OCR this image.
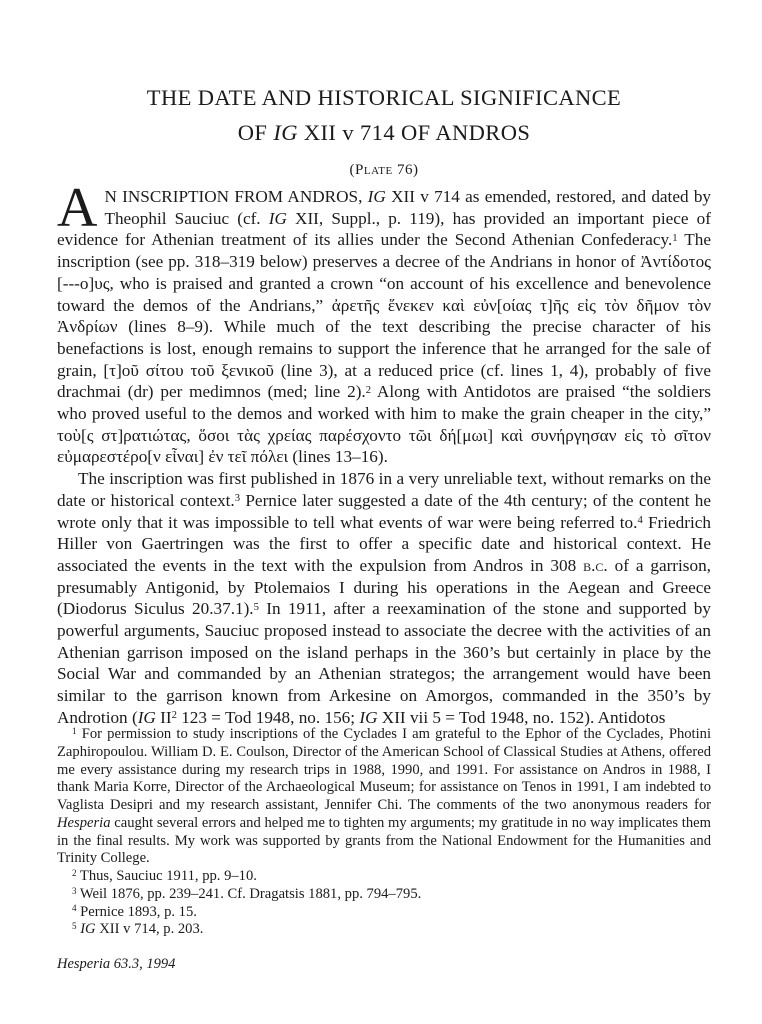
THE DATE AND HISTORICAL SIGNIFICANCE
OF IG XII v 714 OF ANDROS
(Plate 76)

A N INSCRIPTION FROM ANDROS, IG XII v 714 as emended, restored, and dated by Theophil Sauciuc (cf. IG XII, Suppl., p. 119), has provided an important piece of evidence for Athenian treatment of its allies under the Second Athenian Confederacy.$^1$ The inscription (see pp. 318–319 below) preserves a decree of the Andrians in honor of Ἀντίδοτος [---ο]υς, who is praised and granted a crown “on account of his excellence and benevolence toward the demos of the Andrians,” ἀρετῆς ἕνεκεν καὶ εὐν[οίας τ]ῆς εἰς τὸν δῆμον τὸν Ἀνδρίων (lines 8–9). While much of the text describing the precise character of his benefactions is lost, enough remains to support the inference that he arranged for the sale of grain, [τ]οῦ σίτου τοῦ ξενικοῦ (line 3), at a reduced price (cf. lines 1, 4), probably of five drachmai (dr) per medimnos (med; line 2).$^2$ Along with Antidotos are praised “the soldiers who proved useful to the demos and worked with him to make the grain cheaper in the city,” τοὺ[ς στ]ρατιώτας, ὅσοι τὰς χρείας παρέσχοντο τῶι δή[μωι] καὶ συνήργησαν εἰς τὸ σῖτον εὐμαρεστέρο[ν εἶναι] ἐν τεῖ πόλει (lines 13–16).

The inscription was first published in 1876 in a very unreliable text, without remarks on the date or historical context.$^3$ Pernice later suggested a date of the 4th century; of the content he wrote only that it was impossible to tell what events of war were being referred to.$^4$ Friedrich Hiller von Gaertringen was the first to offer a specific date and historical context. He associated the events in the text with the expulsion from Andros in 308 b.c. of a garrison, presumably Antigonid, by Ptolemaios I during his operations in the Aegean and Greece (Diodorus Siculus 20.37.1).$^5$ In 1911, after a reexamination of the stone and supported by powerful arguments, Sauciuc proposed instead to associate the decree with the activities of an Athenian garrison imposed on the island perhaps in the 360’s but certainly in place by the Social War and commanded by an Athenian strategos; the arrangement would have been similar to the garrison known from Arkesine on Amorgos, commanded in the 350’s by Androtion (IG II$^2$ 123 = Tod 1948, no. 156; IG XII vii 5 = Tod 1948, no. 152). Antidotos

$^1$ For permission to study inscriptions of the Cyclades I am grateful to the Ephor of the Cyclades, Photini Zaphiropoulou. William D. E. Coulson, Director of the American School of Classical Studies at Athens, offered me every assistance during my research trips in 1988, 1990, and 1991. For assistance on Andros in 1988, I thank Maria Korre, Director of the Archaeological Museum; for assistance on Tenos in 1991, I am indebted to Vaglista Desipri and my research assistant, Jennifer Chi. The comments of the two anonymous readers for Hesperia caught several errors and helped me to tighten my arguments; my gratitude in no way implicates them in the final results. My work was supported by grants from the National Endowment for the Humanities and Trinity College.

$^2$ Thus, Sauciuc 1911, pp. 9–10.

$^3$ Weil 1876, pp. 239–241. Cf. Dragatsis 1881, pp. 794–795.

$^4$ Pernice 1893, p. 15.

$^5$ IG XII v 714, p. 203.

Hesperia 63.3, 1994
